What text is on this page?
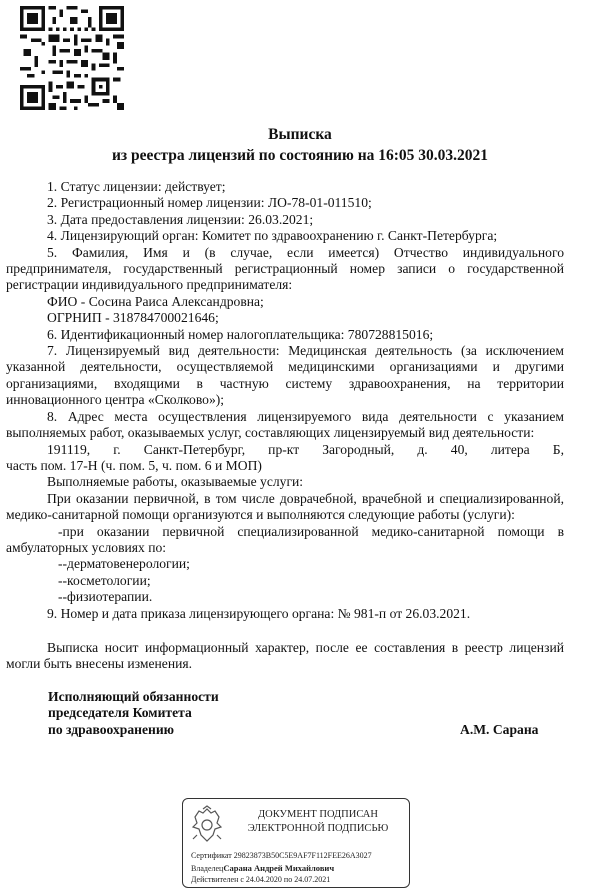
Выписка
из реестра лицензий по состоянию на 16:05 30.03.2021

1. Статус лицензии: действует;

2. Регистрационный номер лицензии: ЛО-78-01-011510;

3. Дата предоставления лицензии: 26.03.2021;

4. Лицензирующий орган: Комитет по здравоохранению г. Санкт-Петербурга;

5. Фамилия, Имя и (в случае, если имеется) Отчество индивидуального предпринимателя, государственный регистрационный номер записи о государственной регистрации индивидуального предпринимателя:

ФИО - Сосина Раиса Александровна;

ОГРНИП - 318784700021646;

6. Идентификационный номер налогоплательщика: 780728815016;

7. Лицензируемый вид деятельности: Медицинская деятельность (за исключением указанной деятельности, осуществляемой медицинскими организациями и другими организациями, входящими в частную систему здравоохранения, на территории инновационного центра «Сколково»);

8. Адрес места осуществления лицензируемого вида деятельности с указанием выполняемых работ, оказываемых услуг, составляющих лицензируемый вид деятельности:

191119, г. Санкт-Петербург, пр-кт Загородный, д. 40, литера Б,

часть пом. 17-Н (ч. пом. 5, ч. пом. 6 и МОП)

Выполняемые работы, оказываемые услуги:

При оказании первичной, в том числе доврачебной, врачебной и специализированной, медико-санитарной помощи организуются и выполняются следующие работы (услуги):

-при оказании первичной специализированной медико-санитарной помощи в амбулаторных условиях по:

--дерматовенерологии;

--косметологии;

--физиотерапии.

9. Номер и дата приказа лицензирующего органа: № 981-п от 26.03.2021.

Выписка носит информационный характер, после ее составления в реестр лицензий могли быть внесены изменения.

Исполняющий обязанности
председателя Комитета
по здравоохранению	А.М. Сарана
ДОКУМЕНТ ПОДПИСАН
ЭЛЕКТРОННОЙ ПОДПИСЬЮ
Сертификат 29823873B50C5E9AF7F112FEE26A3027
ВладелецСарана Андрей Михайлович
Действителен с 24.04.2020 по 24.07.2021
